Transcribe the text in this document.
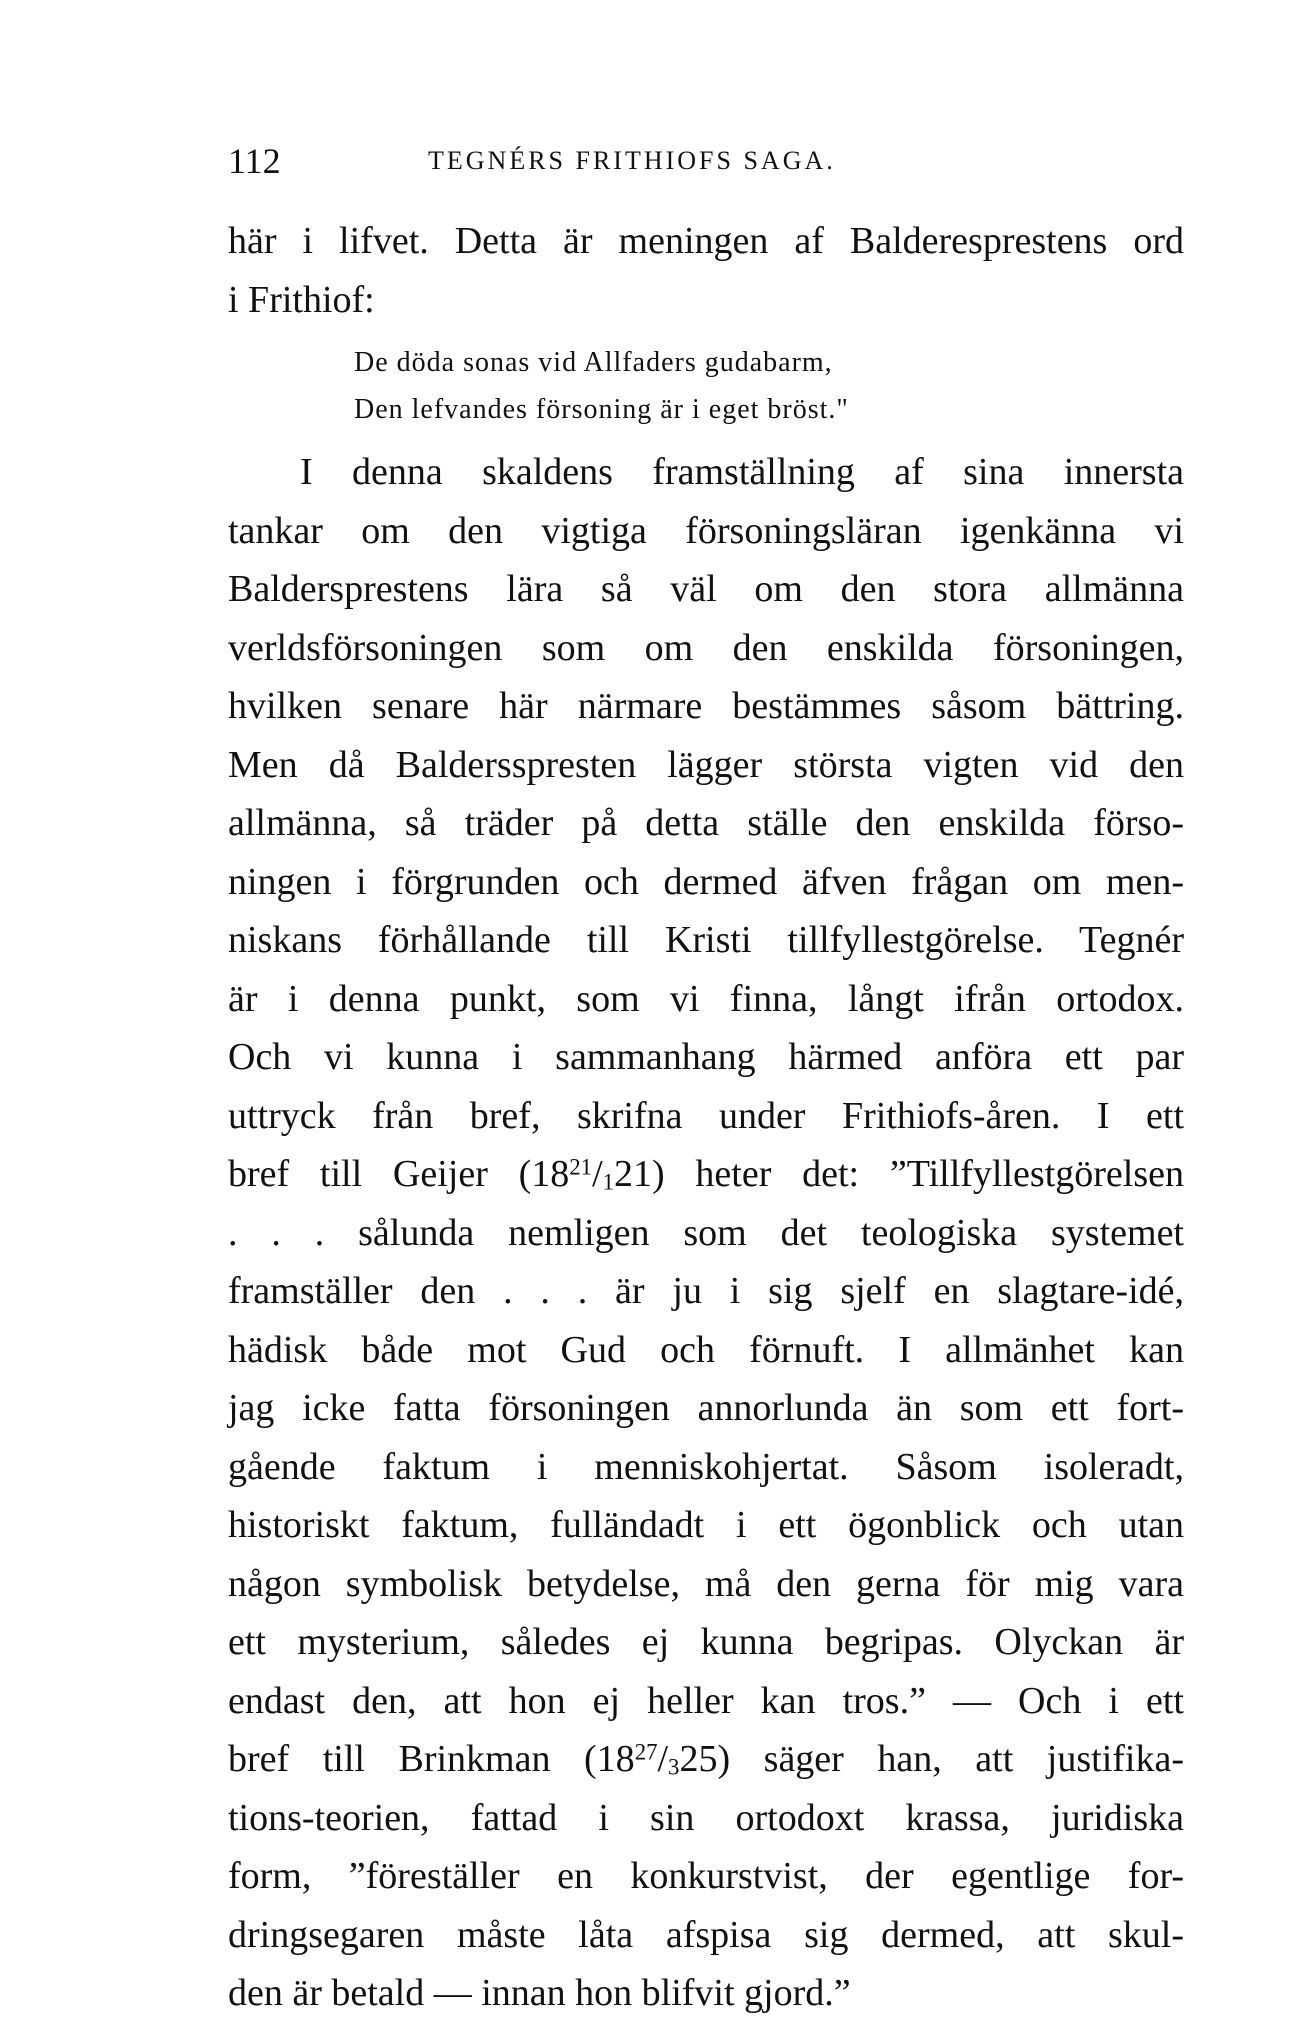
112	TEGNÉRS FRITHIOFS SAGA.
här i lifvet. Detta är meningen af Balderesprestens ord
i Frithiof:
De döda sonas vid Allfaders gudabarm,
Den lefvandes försoning är i eget bröst."
I denna skaldens framställning af sina innersta
tankar om den vigtiga försoningsläran igenkänna vi
Baldersprestens lära så väl om den stora allmänna
verldsförsoningen som om den enskilda försoningen,
hvilken senare här närmare bestämmes såsom bättring.
Men då Baldersspresten lägger största vigten vid den
allmänna, så träder på detta ställe den enskilda förso-
ningen i förgrunden och dermed äfven frågan om men-
niskans förhållande till Kristi tillfyllestgörelse. Tegnér
är i denna punkt, som vi finna, långt ifrån ortodox.
Och vi kunna i sammanhang härmed anföra ett par
uttryck från bref, skrifna under Frithiofs-åren. I ett
bref till Geijer $(18^{21}/_121)$ heter det: ”Tillfyllestgörelsen
. . . sålunda nemligen som det teologiska systemet
framställer den . . . är ju i sig sjelf en slagtare-idé,
hädisk både mot Gud och förnuft. I allmänhet kan
jag icke fatta försoningen annorlunda än som ett fort-
gående faktum i menniskohjertat. Såsom isoleradt,
historiskt faktum, fulländadt i ett ögonblick och utan
någon symbolisk betydelse, må den gerna för mig vara
ett mysterium, således ej kunna begripas. Olyckan är
endast den, att hon ej heller kan tros.” — Och i ett
bref till Brinkman $(18^{27}/_325)$ säger han, att justifika-
tions-teorien, fattad i sin ortodoxt krassa, juridiska
form, ”föreställer en konkurstvist, der egentlige for-
dringsegaren måste låta afspisa sig dermed, att skul-
den är betald — innan hon blifvit gjord.”
